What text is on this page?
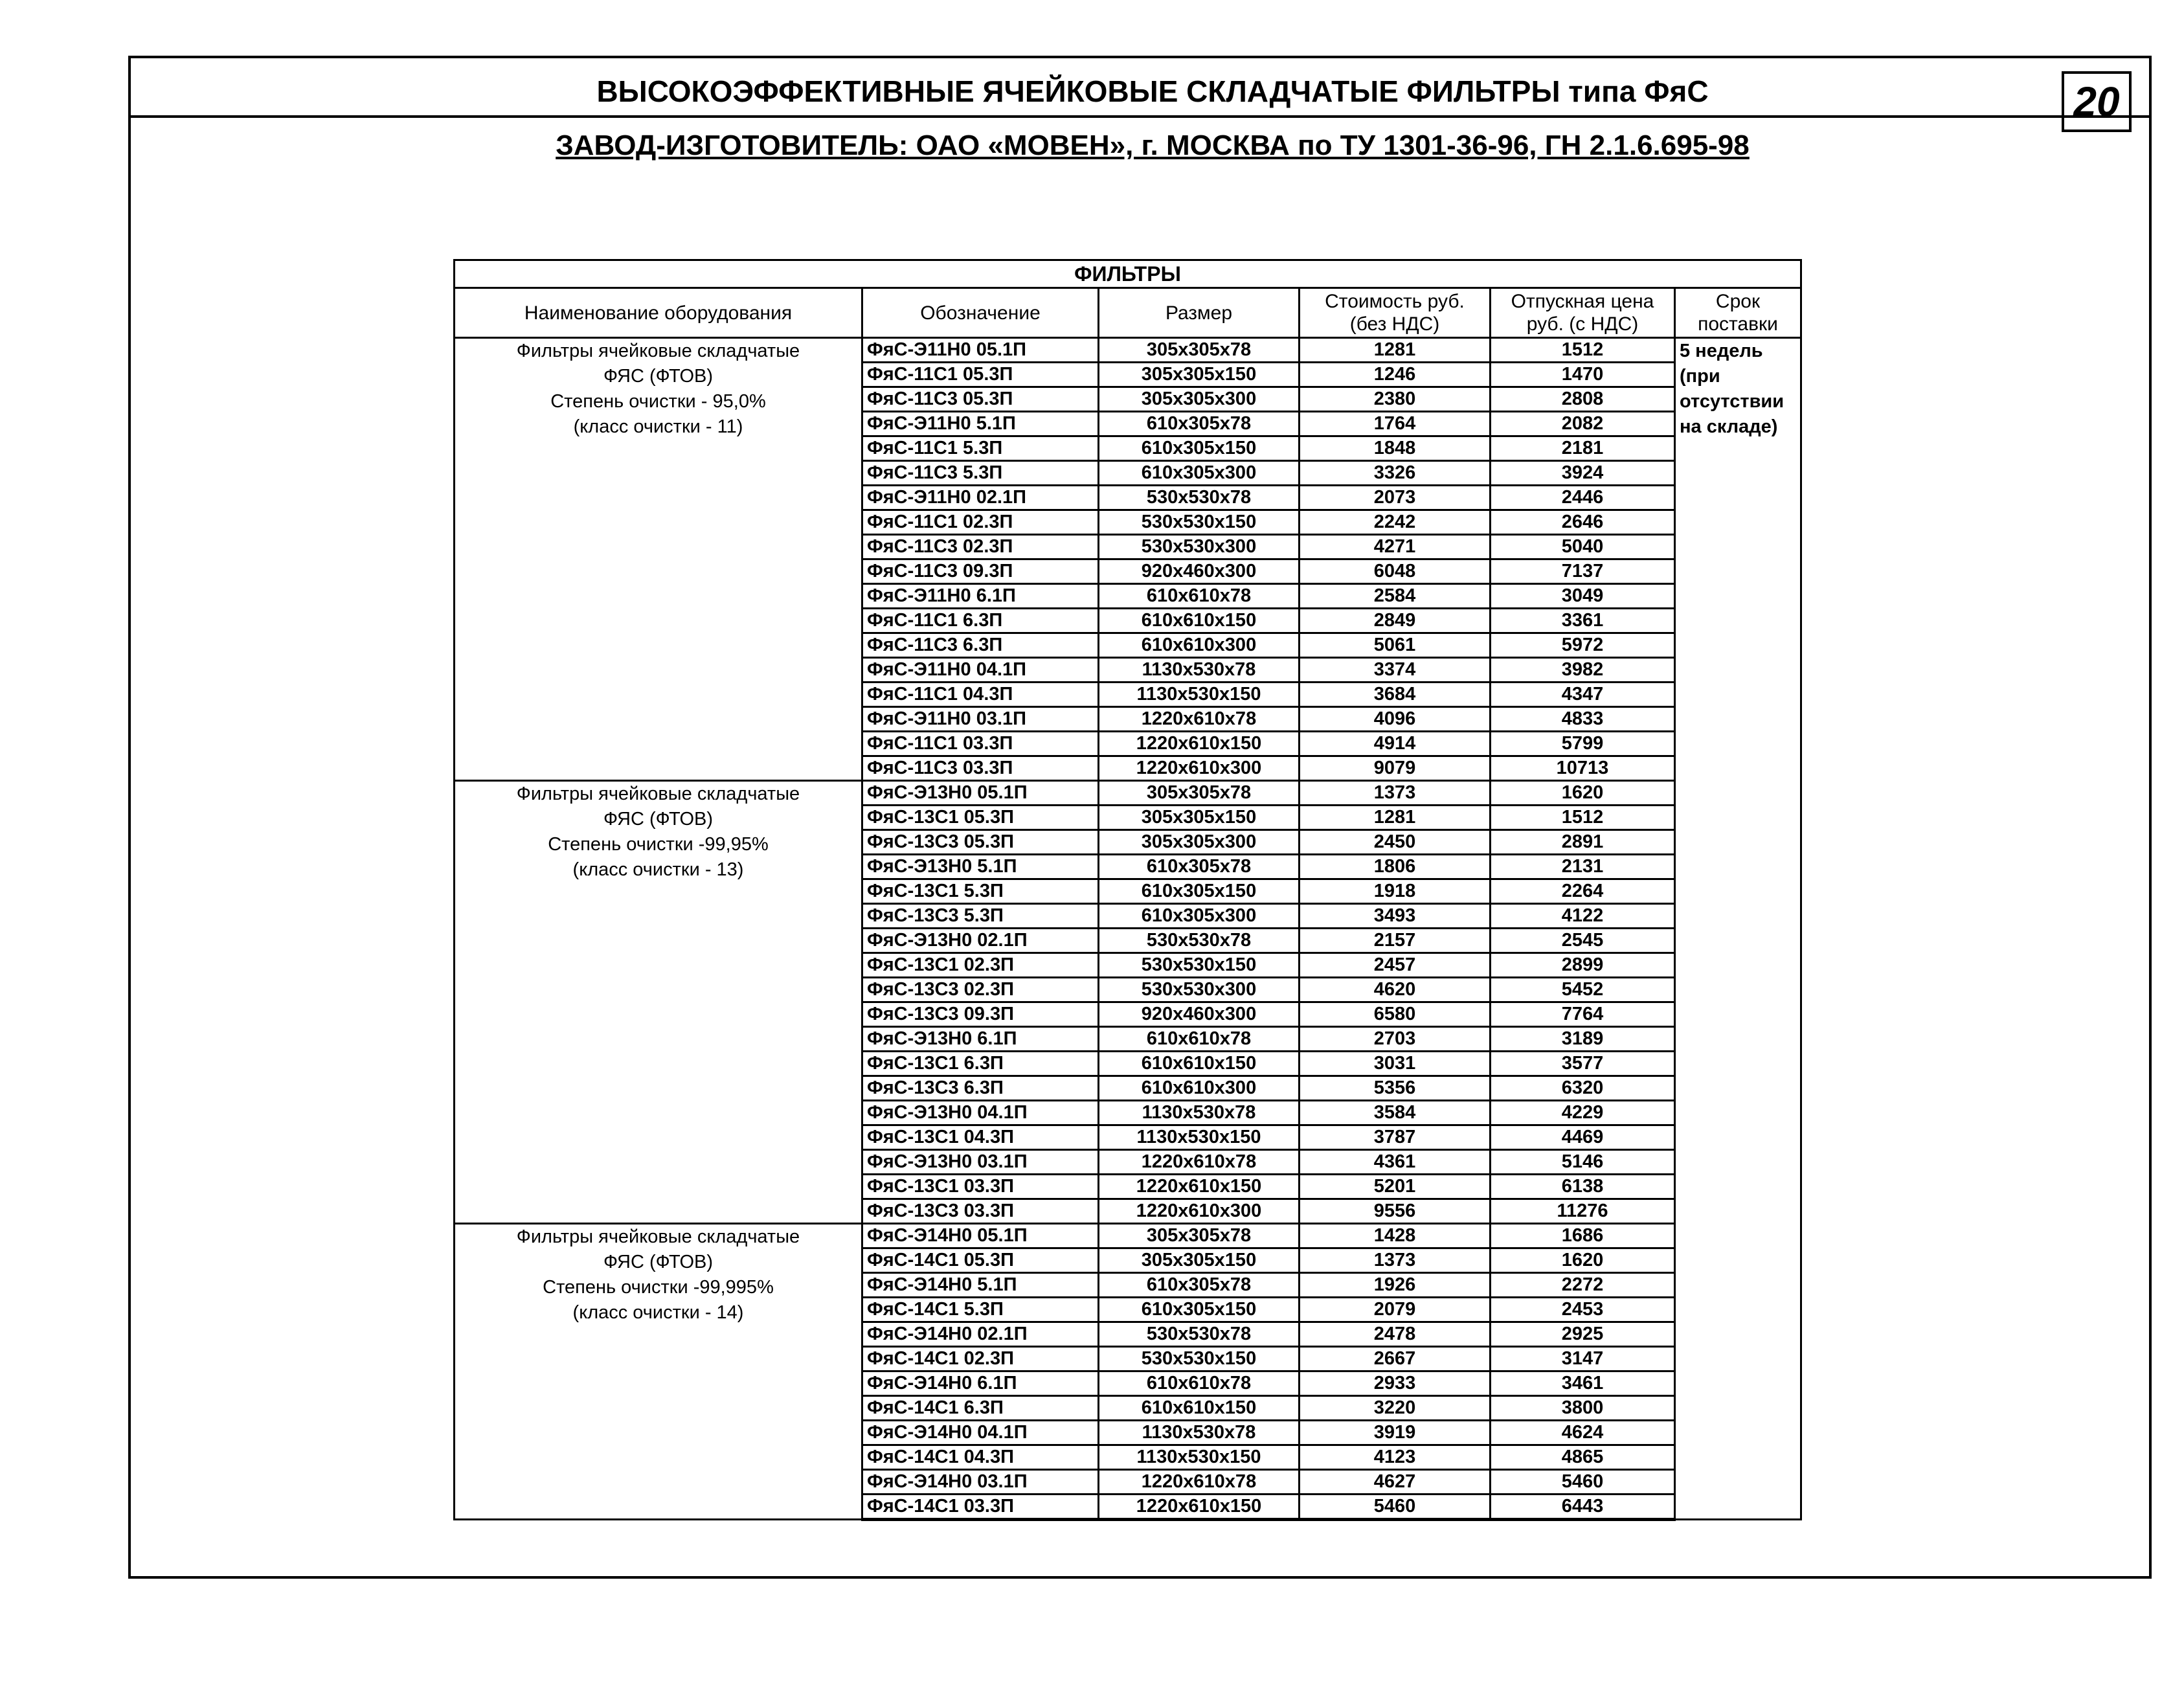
20
ВЫСОКОЭФФЕКТИВНЫЕ ЯЧЕЙКОВЫЕ СКЛАДЧАТЫЕ ФИЛЬТРЫ типа ФяС
ЗАВОД-ИЗГОТОВИТЕЛЬ: ОАО «МОВЕН», г. МОСКВА по ТУ 1301-36-96, ГН 2.1.6.695-98
ФИЛЬТРЫ					
Наименование оборудования	Обозначение	Размер	Стоимость руб. (без НДС)	Отпускная цена руб. (с НДС)	Срок поставки

Фильтры ячейковые складчатые
ФЯС (ФТОВ)
Степень очистки - 95,0%
(класс очистки - 11)	ФяС-Э11Н0 05.1П	305x305x78	1281	1512	5 недель (при отсутствии на складе)
	ФяС-11С1 05.3П	305x305x150	1246	1470	
	ФяС-11С3 05.3П	305x305x300	2380	2808	
	ФяС-Э11Н0 5.1П	610x305x78	1764	2082	
	ФяС-11С1 5.3П	610x305x150	1848	2181	
	ФяС-11С3 5.3П	610x305x300	3326	3924	
	ФяС-Э11Н0 02.1П	530x530x78	2073	2446	
	ФяС-11С1 02.3П	530x530x150	2242	2646	
	ФяС-11С3 02.3П	530x530x300	4271	5040	
	ФяС-11С3 09.3П	920x460x300	6048	7137	
	ФяС-Э11Н0 6.1П	610x610x78	2584	3049	
	ФяС-11С1 6.3П	610x610x150	2849	3361	
	ФяС-11С3 6.3П	610x610x300	5061	5972	
	ФяС-Э11Н0 04.1П	1130x530x78	3374	3982	
	ФяС-11С1 04.3П	1130x530x150	3684	4347	
	ФяС-Э11Н0 03.1П	1220x610x78	4096	4833	
	ФяС-11С1 03.3П	1220x610x150	4914	5799	
	ФяС-11С3 03.3П	1220x610x300	9079	10713	

Фильтры ячейковые складчатые
ФЯС (ФТОВ)
Степень очистки -99,95%
(класс очистки - 13)	ФяС-Э13Н0 05.1П	305x305x78	1373	1620	
	ФяС-13С1 05.3П	305x305x150	1281	1512	
	ФяС-13С3 05.3П	305x305x300	2450	2891	
	ФяС-Э13Н0 5.1П	610x305x78	1806	2131	
	ФяС-13С1 5.3П	610x305x150	1918	2264	
	ФяС-13С3 5.3П	610x305x300	3493	4122	
	ФяС-Э13Н0 02.1П	530x530x78	2157	2545	
	ФяС-13С1 02.3П	530x530x150	2457	2899	
	ФяС-13С3 02.3П	530x530x300	4620	5452	
	ФяС-13С3 09.3П	920x460x300	6580	7764	
	ФяС-Э13Н0 6.1П	610x610x78	2703	3189	
	ФяС-13С1 6.3П	610x610x150	3031	3577	
	ФяС-13С3 6.3П	610x610x300	5356	6320	
	ФяС-Э13Н0 04.1П	1130x530x78	3584	4229	
	ФяС-13С1 04.3П	1130x530x150	3787	4469	
	ФяС-Э13Н0 03.1П	1220x610x78	4361	5146	
	ФяС-13С1 03.3П	1220x610x150	5201	6138	
	ФяС-13С3 03.3П	1220x610x300	9556	11276	

Фильтры ячейковые складчатые
ФЯС (ФТОВ)
Степень очистки -99,995%
(класс очистки - 14)	ФяС-Э14Н0 05.1П	305x305x78	1428	1686	
	ФяС-14С1 05.3П	305x305x150	1373	1620	
	ФяС-Э14Н0 5.1П	610x305x78	1926	2272	
	ФяС-14С1 5.3П	610x305x150	2079	2453	
	ФяС-Э14Н0 02.1П	530x530x78	2478	2925	
	ФяС-14С1 02.3П	530x530x150	2667	3147	
	ФяС-Э14Н0 6.1П	610x610x78	2933	3461	
	ФяС-14С1 6.3П	610x610x150	3220	3800	
	ФяС-Э14Н0 04.1П	1130x530x78	3919	4624	
	ФяС-14С1 04.3П	1130x530x150	4123	4865	
	ФяС-Э14Н0 03.1П	1220x610x78	4627	5460	
	ФяС-14С1 03.3П	1220x610x150	5460	6443	
